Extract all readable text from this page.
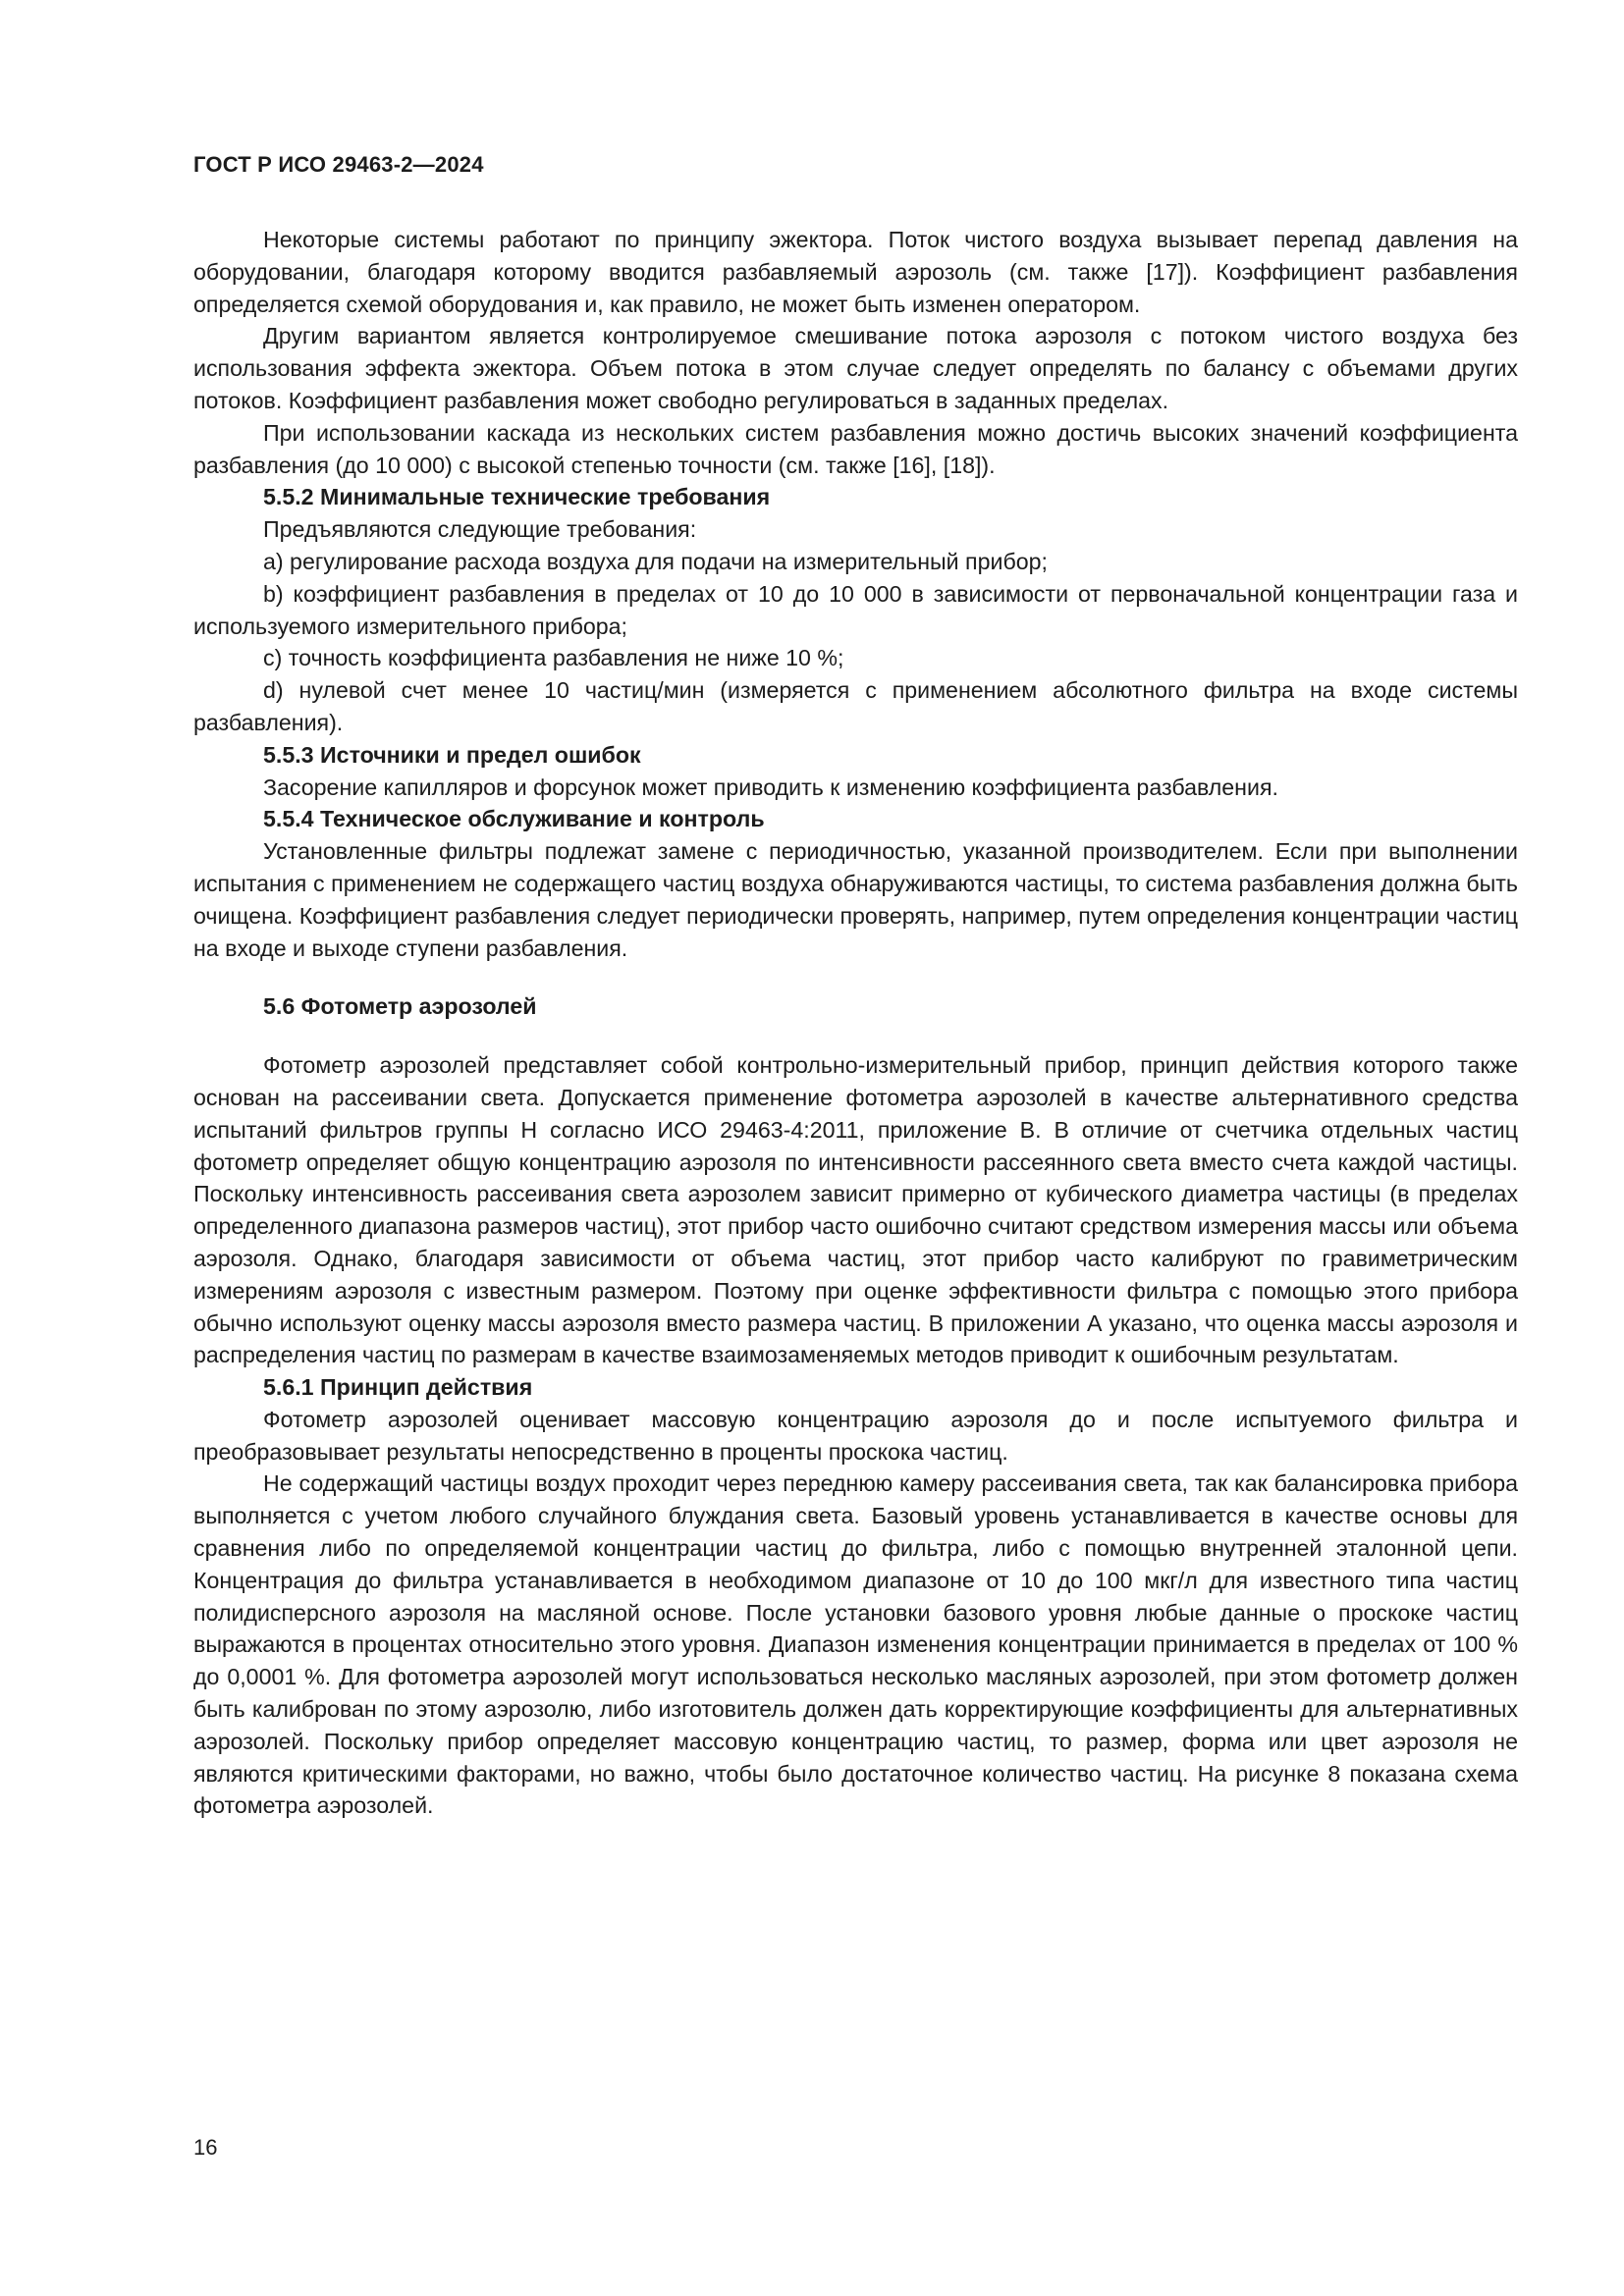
ГОСТ Р ИСО 29463-2—2024

Некоторые системы работают по принципу эжектора. Поток чистого воздуха вызывает перепад давления на оборудовании, благодаря которому вводится разбавляемый аэрозоль (см. также [17]). Коэффициент разбавления определяется схемой оборудования и, как правило, не может быть изменен оператором.

Другим вариантом является контролируемое смешивание потока аэрозоля с потоком чистого воздуха без использования эффекта эжектора. Объем потока в этом случае следует определять по балансу с объемами других потоков. Коэффициент разбавления может свободно регулироваться в заданных пределах.

При использовании каскада из нескольких систем разбавления можно достичь высоких значений коэффициента разбавления (до 10 000) с высокой степенью точности (см. также [16], [18]).

5.5.2 Минимальные технические требования

Предъявляются следующие требования:

а) регулирование расхода воздуха для подачи на измерительный прибор;

b) коэффициент разбавления в пределах от 10 до 10 000 в зависимости от первоначальной концентрации газа и используемого измерительного прибора;

с) точность коэффициента разбавления не ниже 10 %;

d) нулевой счет менее 10 частиц/мин (измеряется с применением абсолютного фильтра на входе системы разбавления).

5.5.3 Источники и предел ошибок

Засорение капилляров и форсунок может приводить к изменению коэффициента разбавления.

5.5.4 Техническое обслуживание и контроль

Установленные фильтры подлежат замене с периодичностью, указанной производителем. Если при выполнении испытания с применением не содержащего частиц воздуха обнаруживаются частицы, то система разбавления должна быть очищена. Коэффициент разбавления следует периодически проверять, например, путем определения концентрации частиц на входе и выходе ступени разбавления.

5.6 Фотометр аэрозолей

Фотометр аэрозолей представляет собой контрольно-измерительный прибор, принцип действия которого также основан на рассеивании света. Допускается применение фотометра аэрозолей в качестве альтернативного средства испытаний фильтров группы Н согласно ИСО 29463-4:2011, приложение В. В отличие от счетчика отдельных частиц фотометр определяет общую концентрацию аэрозоля по интенсивности рассеянного света вместо счета каждой частицы. Поскольку интенсивность рассеивания света аэрозолем зависит примерно от кубического диаметра частицы (в пределах определенного диапазона размеров частиц), этот прибор часто ошибочно считают средством измерения массы или объема аэрозоля. Однако, благодаря зависимости от объема частиц, этот прибор часто калибруют по гравиметрическим измерениям аэрозоля с известным размером. Поэтому при оценке эффективности фильтра с помощью этого прибора обычно используют оценку массы аэрозоля вместо размера частиц. В приложении А указано, что оценка массы аэрозоля и распределения частиц по размерам в качестве взаимозаменяемых методов приводит к ошибочным результатам.

5.6.1 Принцип действия

Фотометр аэрозолей оценивает массовую концентрацию аэрозоля до и после испытуемого фильтра и преобразовывает результаты непосредственно в проценты проскока частиц.

Не содержащий частицы воздух проходит через переднюю камеру рассеивания света, так как балансировка прибора выполняется с учетом любого случайного блуждания света. Базовый уровень устанавливается в качестве основы для сравнения либо по определяемой концентрации частиц до фильтра, либо с помощью внутренней эталонной цепи. Концентрация до фильтра устанавливается в необходимом диапазоне от 10 до 100 мкг/л для известного типа частиц полидисперсного аэрозоля на масляной основе. После установки базового уровня любые данные о проскоке частиц выражаются в процентах относительно этого уровня. Диапазон изменения концентрации принимается в пределах от 100 % до 0,0001 %. Для фотометра аэрозолей могут использоваться несколько масляных аэрозолей, при этом фотометр должен быть калиброван по этому аэрозолю, либо изготовитель должен дать корректирующие коэффициенты для альтернативных аэрозолей. Поскольку прибор определяет массовую концентрацию частиц, то размер, форма или цвет аэрозоля не являются критическими факторами, но важно, чтобы было достаточное количество частиц. На рисунке 8 показана схема фотометра аэрозолей.

16
